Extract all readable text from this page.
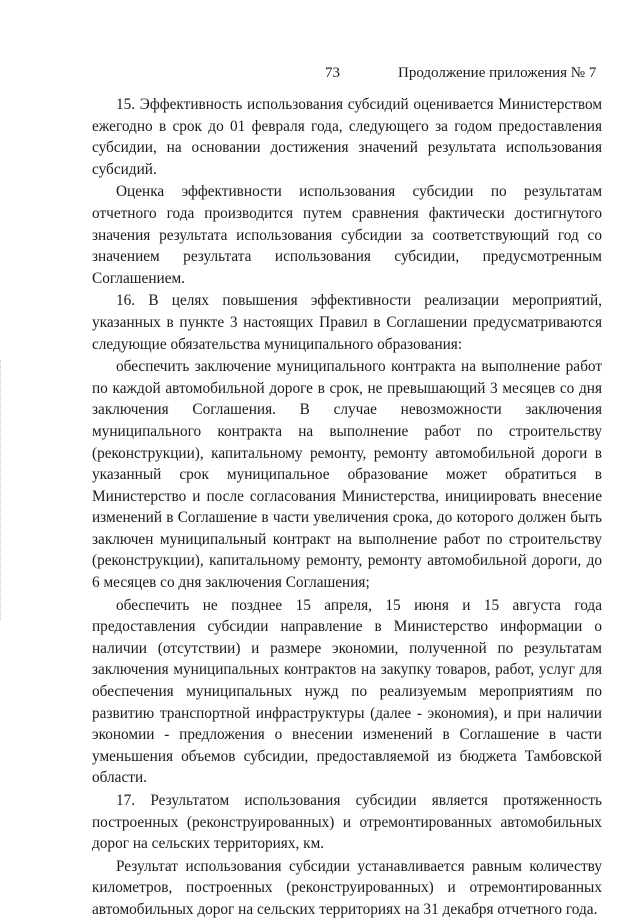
73	Продолжение приложения № 7

15. Эффективность использования субсидий оценивается Министерством ежегодно в срок до 01 февраля года, следующего за годом предоставления субсидии, на основании достижения значений результата использования субсидий.

Оценка эффективности использования субсидии по результатам отчетного года производится путем сравнения фактически достигнутого значения результата использования субсидии за соответствующий год со значением результата использования субсидии, предусмотренным Соглашением.

16. В целях повышения эффективности реализации мероприятий, указанных в пункте 3 настоящих Правил в Соглашении предусматриваются следующие обязательства муниципального образования:

обеспечить заключение муниципального контракта на выполнение работ по каждой автомобильной дороге в срок, не превышающий 3 месяцев со дня заключения Соглашения. В случае невозможности заключения муниципального контракта на выполнение работ по строительству (реконструкции), капитальному ремонту, ремонту автомобильной дороги в указанный срок муниципальное образование может обратиться в Министерство и после согласования Министерства, инициировать внесение изменений в Соглашение в части увеличения срока, до которого должен быть заключен муниципальный контракт на выполнение работ по строительству (реконструкции), капитальному ремонту, ремонту автомобильной дороги, до 6 месяцев со дня заключения Соглашения;

обеспечить не позднее 15 апреля, 15 июня и 15 августа года предоставления субсидии направление в Министерство информации о наличии (отсутствии) и размере экономии, полученной по результатам заключения муниципальных контрактов на закупку товаров, работ, услуг для обеспечения муниципальных нужд по реализуемым мероприятиям по развитию транспортной инфраструктуры (далее - экономия), и при наличии экономии - предложения о внесении изменений в Соглашение в части уменьшения объемов субсидии, предоставляемой из бюджета Тамбовской области.

17. Результатом использования субсидии является протяженность построенных (реконструированных) и отремонтированных автомобильных дорог на сельских территориях, км.

Результат использования субсидии устанавливается равным количеству километров, построенных (реконструированных) и отремонтированных автомобильных дорог на сельских территориях на 31 декабря отчетного года.
